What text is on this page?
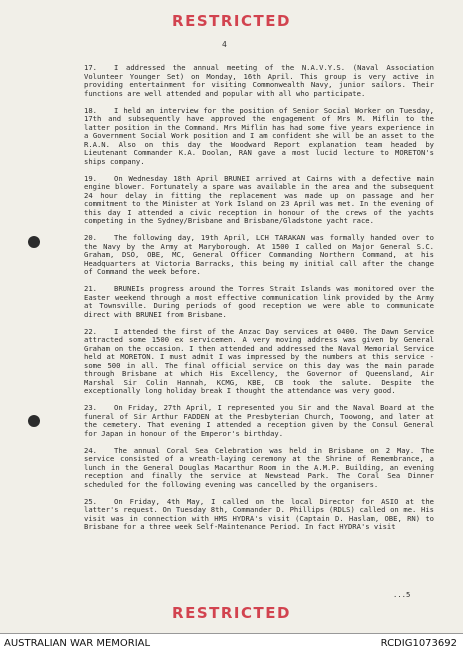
RESTRICTED
4

17. I addressed the annual meeting of the N.A.V.Y.S. (Naval Association Volunteer Younger Set) on Monday, 16th April. This group is very active in providing entertainment for visiting Commonwealth Navy, junior sailors. Their functions are well attended and popular with all who participate.

18. I held an interview for the position of Senior Social Worker on Tuesday, 17th and subsequently have approved the engagement of Mrs M. Miflin to the latter position in the Command. Mrs Miflin has had some five years experience in a Government Social Work position and I am confident she will be an asset to the R.A.N. Also on this day the Woodward Report explanation team headed by Lieutenant Commander K.A. Doolan, RAN gave a most lucid lecture to MORETON's ships company.

19. On Wednesday 18th April BRUNEI arrived at Cairns with a defective main engine blower. Fortunately a spare was available in the area and the subsequent 24 hour delay in fitting the replacement was made up on passage and her commitment to the Minister at York Island on 23 April was met. In the evening of this day I attended a civic reception in honour of the crews of the yachts competing in the Sydney/Brisbane and Brisbane/Gladstone yacht race.

20. The following day, 19th April, LCH TARAKAN was formally handed over to the Navy by the Army at Maryborough. At 1500 I called on Major General S.C. Graham, DSO, OBE, MC, General Officer Commanding Northern Command, at his Headquarters at Victoria Barracks, this being my initial call after the change of Command the week before.

21. BRUNEIs progress around the Torres Strait Islands was monitored over the Easter weekend through a most effective communication link provided by the Army at Townsville. During periods of good reception we were able to communicate direct with BRUNEI from Brisbane.

22. I attended the first of the Anzac Day services at 0400. The Dawn Service attracted some 1500 ex servicemen. A very moving address was given by General Graham on the occasion. I then attended and addressed the Naval Memorial Service held at MORETON. I must admit I was impressed by the numbers at this service - some 500 in all. The final official service on this day was the main parade through Brisbane at which His Excellency, the Governor of Queensland, Air Marshal Sir Colin Hannah, KCMG, KBE, CB took the salute. Despite the exceptionally long holiday break I thought the attendance was very good.

23. On Friday, 27th April, I represented you Sir and the Naval Board at the funeral of Sir Arthur FADDEN at the Presbyterian Church, Toowong, and later at the cemetery. That evening I attended a reception given by the Consul General for Japan in honour of the Emperor's birthday.

24. The annual Coral Sea Celebration was held in Brisbane on 2 May. The service consisted of a wreath-laying ceremony at the Shrine of Remembrance, a lunch in the General Douglas Macarthur Room in the A.M.P. Building, an evening reception and finally the service at Newstead Park. The Coral Sea Dinner scheduled for the following evening was cancelled by the organisers.

25. On Friday, 4th May, I called on the local Director for ASIO at the latter's request. On Tuesday 8th, Commander D. Phillips (RDLS) called on me. His visit was in connection with HMS HYDRA's visit (Captain D. Haslam, OBE, RN) to Brisbane for a three week Self-Maintenance Period. In fact HYDRA's visit

...5
RESTRICTED
AUSTRALIAN WAR MEMORIAL	RCDIG1073692
